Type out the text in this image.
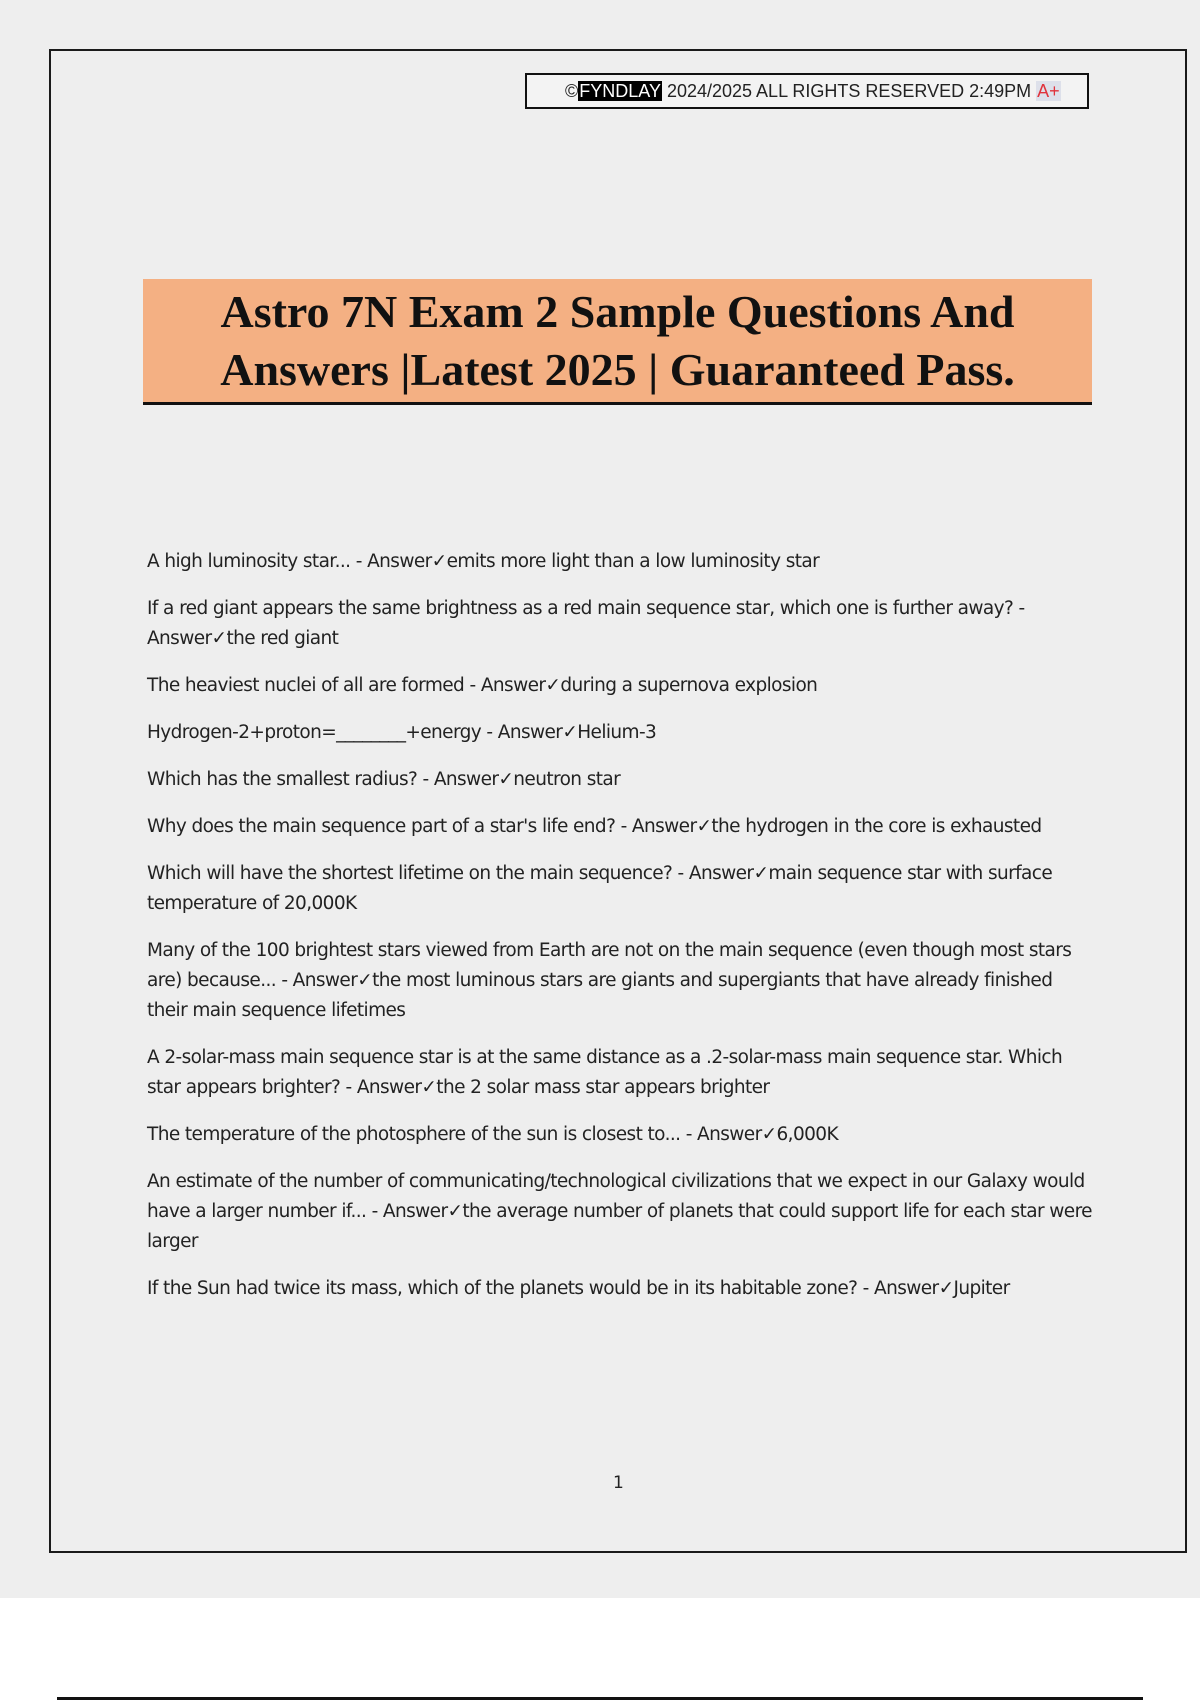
©FYNDLAY 2024/2025 ALL RIGHTS RESERVED 2:49PM A+
Astro 7N Exam 2 Sample Questions And
Answers |Latest 2025 | Guaranteed Pass.

A high luminosity star... - Answer✓emits more light than a low luminosity star

If a red giant appears the same brightness as a red main sequence star, which one is further away? - Answer✓the red giant

The heaviest nuclei of all are formed - Answer✓during a supernova explosion

Hydrogen-2+proton=________+energy - Answer✓Helium-3

Which has the smallest radius? - Answer✓neutron star

Why does the main sequence part of a star's life end? - Answer✓the hydrogen in the core is exhausted

Which will have the shortest lifetime on the main sequence? - Answer✓main sequence star with surface temperature of 20,000K

Many of the 100 brightest stars viewed from Earth are not on the main sequence (even though most stars are) because... - Answer✓the most luminous stars are giants and supergiants that have already finished their main sequence lifetimes

A 2-solar-mass main sequence star is at the same distance as a .2-solar-mass main sequence star. Which star appears brighter? - Answer✓the 2 solar mass star appears brighter

The temperature of the photosphere of the sun is closest to... - Answer✓6,000K

An estimate of the number of communicating/technological civilizations that we expect in our Galaxy would have a larger number if... - Answer✓the average number of planets that could support life for each star were larger

If the Sun had twice its mass, which of the planets would be in its habitable zone? - Answer✓Jupiter

1
